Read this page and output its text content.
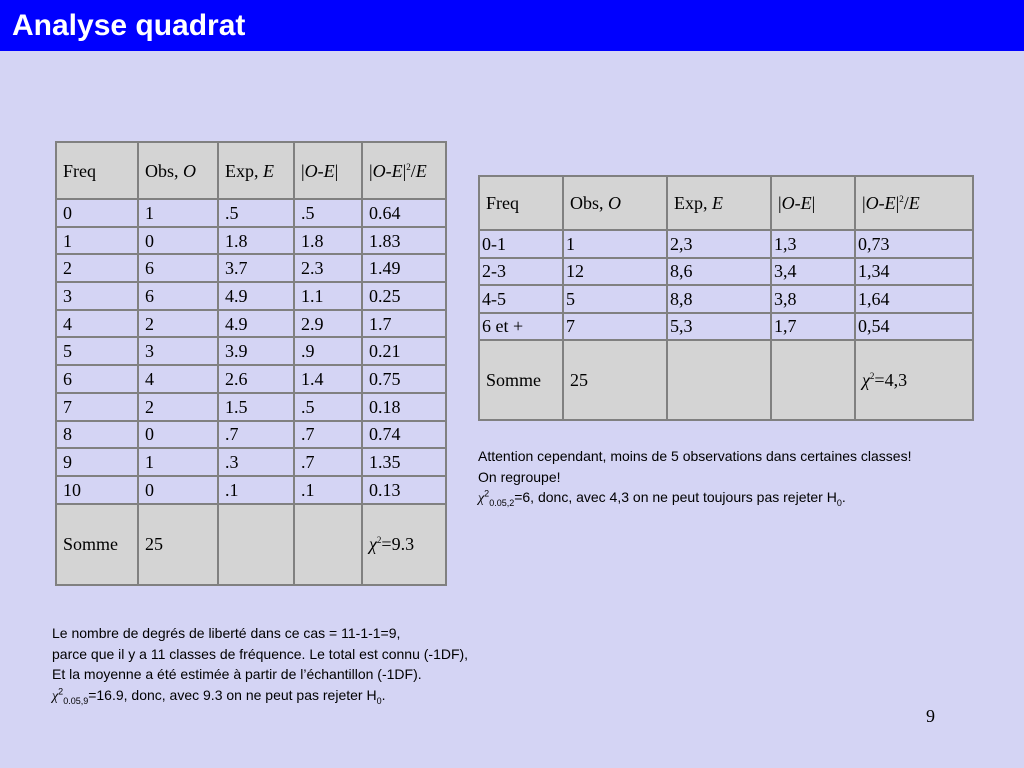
Analyse quadrat
Freq	Obs, O	Exp, E	|O-E|	$|O-E|^2/E$
0	1	.5	.5	0.64
1	0	1.8	1.8	1.83
2	6	3.7	2.3	1.49
3	6	4.9	1.1	0.25
4	2	4.9	2.9	1.7
5	3	3.9	.9	0.21
6	4	2.6	1.4	0.75
7	2	1.5	.5	0.18
8	0	.7	.7	0.74
9	1	.3	.7	1.35
10	0	.1	.1	0.13
Somme	25			$\chi^2=9.3$
Freq	Obs, O	Exp, E	|O-E|	$|O-E|^2/E$
0-1	1	2,3	1,3	0,73
2-3	12	8,6	3,4	1,34
4-5	5	8,8	3,8	1,64
6 et +	7	5,3	1,7	0,54
Somme	25			$\chi^2=4,3$
Attention cependant, moins de 5 observations dans certaines classes!
On regroupe!
$\chi^2_{0.05,2}=6$, donc, avec 4,3 on ne peut toujours pas rejeter $H_0$.
Le nombre de degrés de liberté dans ce cas = 11-1-1=9,
parce que il y a 11 classes de fréquence. Le total est connu (-1DF),
Et la moyenne a été estimée à partir de l’échantillon (-1DF).
$\chi^2_{0.05,9}=16.9$, donc, avec 9.3 on ne peut pas rejeter $H_0$.
9
